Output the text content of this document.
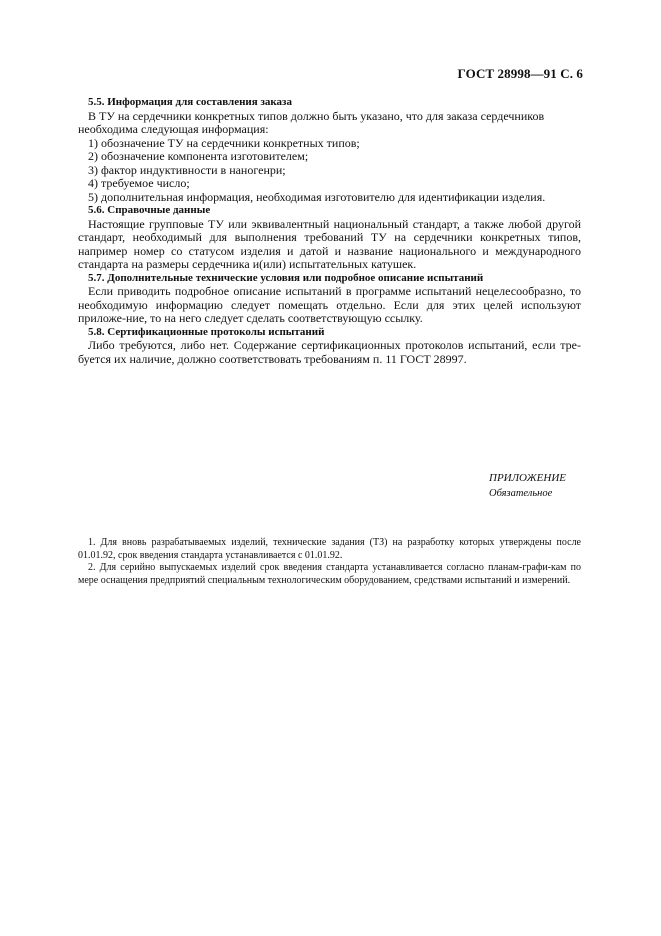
ГОСТ 28998—91 С. 6

5.5. Информация для составления заказа

В ТУ на сердечники конкретных типов должно быть указано, что для заказа сердечников

необходима следующая информация:

1) обозначение ТУ на сердечники конкретных типов;

2) обозначение компонента изготовителем;

3) фактор индуктивности в наногенри;

4) требуемое число;

5) дополнительная информация, необходимая изготовителю для идентификации изделия.

5.6. Справочные данные

Настоящие групповые ТУ или эквивалентный национальный стандарт, а также любой другой стандарт, необходимый для выполнения требований ТУ на сердечники конкретных типов, например номер со статусом изделия и датой и название национального и международного стандарта на размеры сердечника и(или) испытательных катушек.

5.7. Дополнительные технические условия или подробное описание испытаний

Если приводить подробное описание испытаний в программе испытаний нецелесообразно, то необходимую информацию следует помещать отдельно. Если для этих целей используют приложе-ние, то на него следует сделать соответствующую ссылку.

5.8. Сертификационные протоколы испытаний

Либо требуются, либо нет. Содержание сертификационных протоколов испытаний, если тре-буется их наличие, должно соответствовать требованиям п. 11 ГОСТ 28997.

ПРИЛОЖЕНИЕ
Обязательное

1. Для вновь разрабатываемых изделий, технические задания (ТЗ) на разработку которых утверждены после 01.01.92, срок введения стандарта устанавливается с 01.01.92.

2. Для серийно выпускаемых изделий срок введения стандарта устанавливается согласно планам-графи-кам по мере оснащения предприятий специальным технологическим оборудованием, средствами испытаний и измерений.
